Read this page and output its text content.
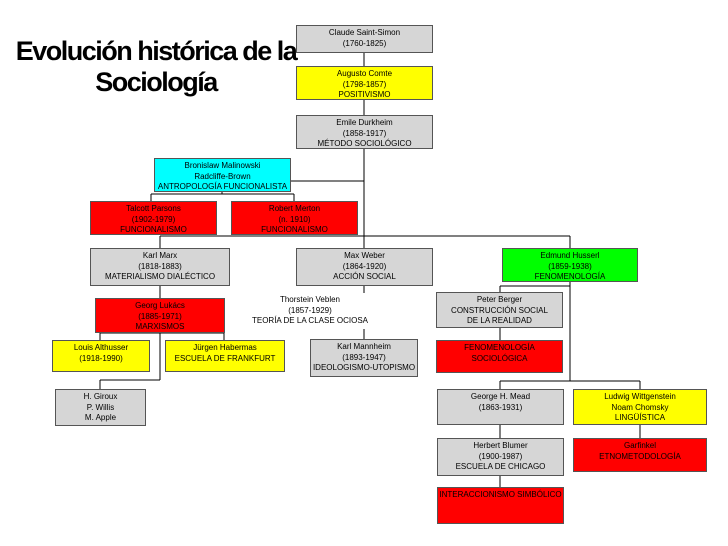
Evolución histórica de la
Sociología
Claude Saint-Simon
(1760-1825)
Augusto Comte
(1798-1857)
POSITIVISMO
Emile Durkheim
(1858-1917)
MÉTODO SOCIOLÓGICO
Bronislaw Malinowski
Radcliffe-Brown
ANTROPOLOGÍA FUNCIONALISTA
Talcott Parsons
(1902-1979)
FUNCIONALISMO
Robert Merton
(n. 1910)
FUNCIONALISMO
Karl Marx
(1818-1883)
MATERIALISMO DIALÉCTICO
Max Weber
(1864-1920)
ACCIÓN SOCIAL
Edmund Husserl
(1859-1938)
FENOMENOLOGÍA
Georg Lukács
(1885-1971)
MARXISMOS
Thorstein Veblen
(1857-1929)
TEORÍA DE LA CLASE OCIOSA
Peter Berger
CONSTRUCCIÓN SOCIAL
DE LA REALIDAD
Louis Althusser
(1918-1990)
Jürgen Habermas
ESCUELA DE FRANKFURT
Karl Mannheim
(1893-1947)
IDEOLOGISMO-UTOPISMO
FENOMENOLOGÍA
SOCIOLÓGICA
H. Giroux
P. Willis
M. Apple
George H. Mead
(1863-1931)
Ludwig Wittgenstein
Noam Chomsky
LINGÜÍSTICA
Herbert Blumer
(1900-1987)
ESCUELA DE CHICAGO
Garfinkel
ETNOMETODOLOGÍA
INTERACCIONISMO SIMBÓLICO
